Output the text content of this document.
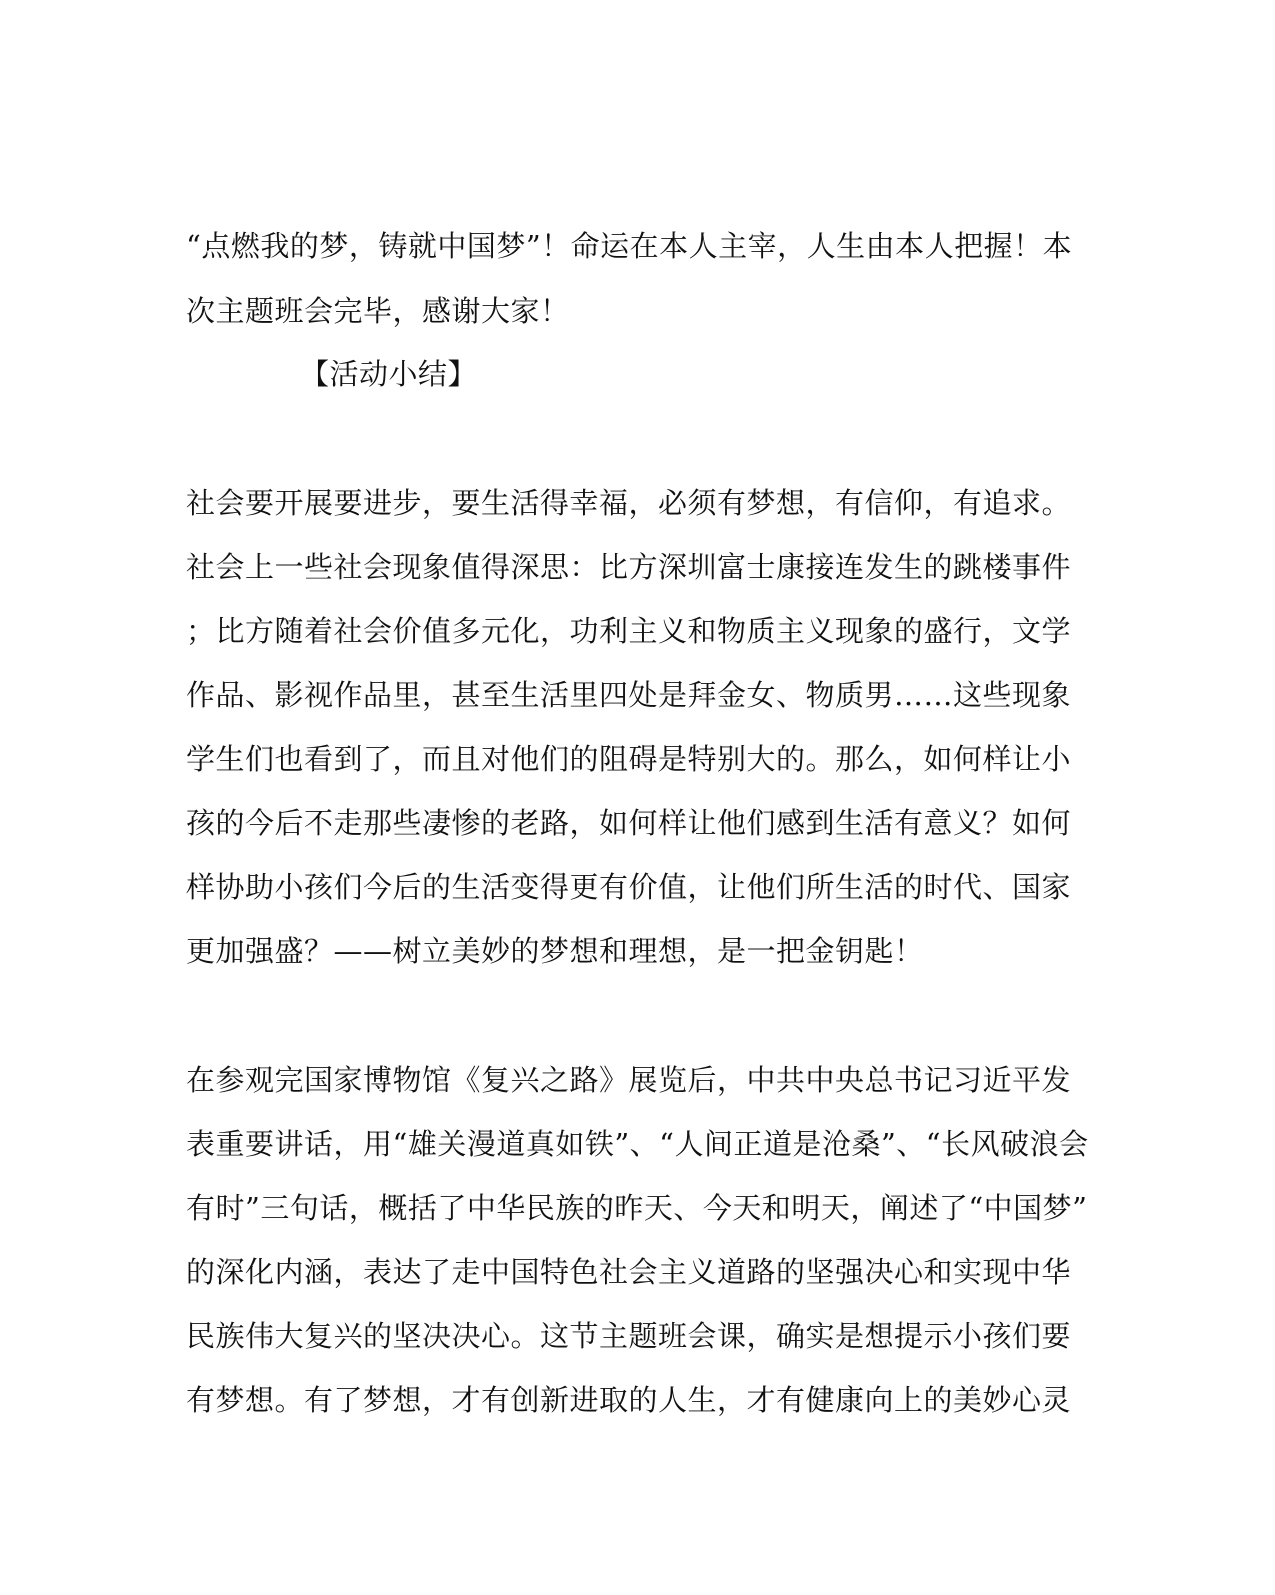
“点燃我的梦，铸就中国梦”！命运在本人主宰，人生由本人把握！本
次主题班会完毕，感谢大家！
【活动小结】
社会要开展要进步，要生活得幸福，必须有梦想，有信仰，有追求。
社会上一些社会现象值得深思：比方深圳富士康接连发生的跳楼事件
；比方随着社会价值多元化，功利主义和物质主义现象的盛行，文学
作品、影视作品里，甚至生活里四处是拜金女、物质男……这些现象
学生们也看到了，而且对他们的阻碍是特别大的。那么，如何样让小
孩的今后不走那些凄惨的老路，如何样让他们感到生活有意义？如何
样协助小孩们今后的生活变得更有价值，让他们所生活的时代、国家
更加强盛？——树立美妙的梦想和理想，是一把金钥匙！
在参观完国家博物馆《复兴之路》展览后，中共中央总书记习近平发
表重要讲话，用“雄关漫道真如铁”、“人间正道是沧桑”、“长风破浪会
有时”三句话，概括了中华民族的昨天、今天和明天，阐述了“中国梦”
的深化内涵，表达了走中国特色社会主义道路的坚强决心和实现中华
民族伟大复兴的坚决决心。这节主题班会课，确实是想提示小孩们要
有梦想。有了梦想，才有创新进取的人生，才有健康向上的美妙心灵
